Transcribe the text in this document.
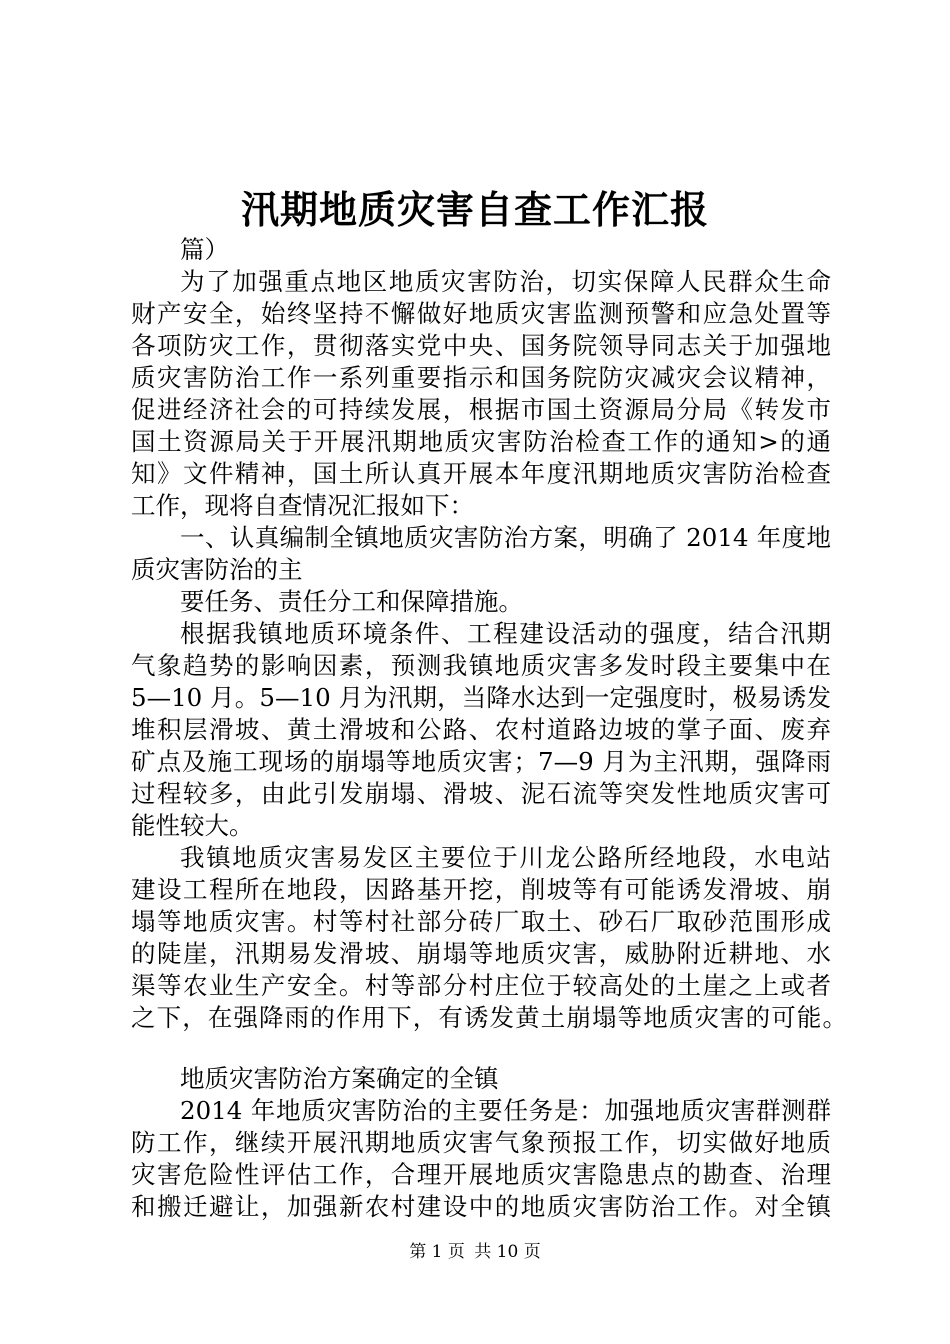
汛期地质灾害自查工作汇报
篇）
为了加强重点地区地质灾害防治，切实保障人民群众生命
财产安全，始终坚持不懈做好地质灾害监测预警和应急处置等
各项防灾工作，贯彻落实党中央、国务院领导同志关于加强地
质灾害防治工作一系列重要指示和国务院防灾减灾会议精神，
促进经济社会的可持续发展，根据市国土资源局分局《转发市
国土资源局关于开展汛期地质灾害防治检查工作的通知>的通
知》文件精神，国土所认真开展本年度汛期地质灾害防治检查
工作，现将自查情况汇报如下：
一、认真编制全镇地质灾害防治方案，明确了 2014 年度地
质灾害防治的主
要任务、责任分工和保障措施。
根据我镇地质环境条件、工程建设活动的强度，结合汛期
气象趋势的影响因素，预测我镇地质灾害多发时段主要集中在
5—10 月。5—10 月为汛期，当降水达到一定强度时，极易诱发
堆积层滑坡、黄土滑坡和公路、农村道路边坡的掌子面、废弃
矿点及施工现场的崩塌等地质灾害；7—9 月为主汛期，强降雨
过程较多，由此引发崩塌、滑坡、泥石流等突发性地质灾害可
能性较大。
我镇地质灾害易发区主要位于川龙公路所经地段，水电站
建设工程所在地段，因路基开挖，削坡等有可能诱发滑坡、崩
塌等地质灾害。村等村社部分砖厂取土、砂石厂取砂范围形成
的陡崖，汛期易发滑坡、崩塌等地质灾害，威胁附近耕地、水
渠等农业生产安全。村等部分村庄位于较高处的土崖之上或者
之下，在强降雨的作用下，有诱发黄土崩塌等地质灾害的可能。
地质灾害防治方案确定的全镇
2014 年地质灾害防治的主要任务是：加强地质灾害群测群
防工作，继续开展汛期地质灾害气象预报工作，切实做好地质
灾害危险性评估工作，合理开展地质灾害隐患点的勘查、治理
和搬迁避让，加强新农村建设中的地质灾害防治工作。对全镇
第 1 页 共 10 页
